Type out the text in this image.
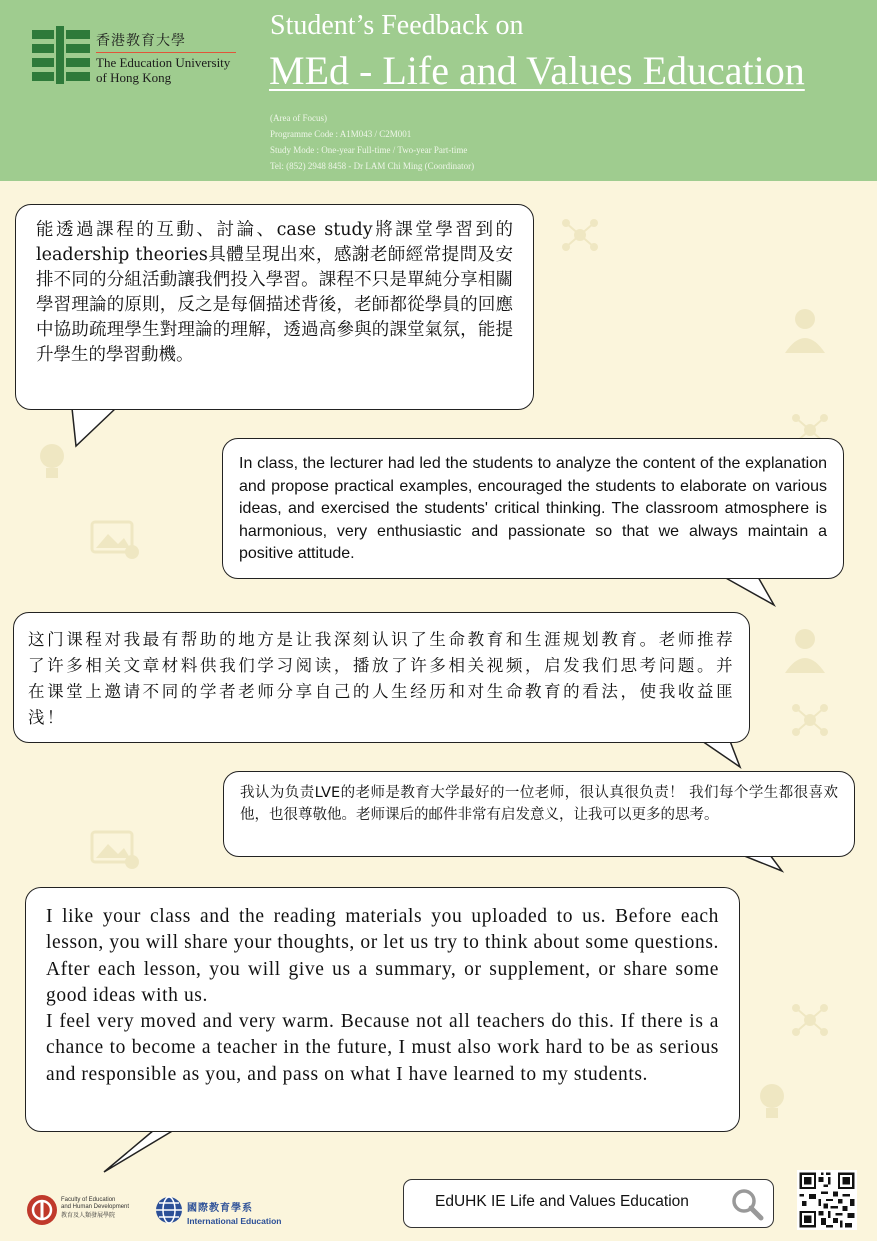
香港教育大學
The Education University
of Hong Kong
Student’s Feedback on
MEd - Life and Values Education
(Area of Focus)
Programme Code : A1M043 / C2M001
Study Mode : One-year Full-time / Two-year Part-time
Tel: (852) 2948 8458 - Dr LAM Chi Ming (Coordinator)
能透過課程的互動、討論、case study將課堂學習到的leadership theories具體呈現出來，感謝老師經常提問及安排不同的分組活動讓我們投入學習。課程不只是單純分享相關學習理論的原則，反之是每個描述背後，老師都從學員的回應中協助疏理學生對理論的理解，透過高參與的課堂氣氛，能提升學生的學習動機。
In class, the lecturer had led the students to analyze the content of the explanation and propose practical examples, encouraged the students to elaborate on various ideas, and exercised the students' critical thinking. The classroom atmosphere is harmonious, very enthusiastic and passionate so that we always maintain a positive attitude.
这门课程对我最有帮助的地方是让我深刻认识了生命教育和生涯规划教育。老师推荐了许多相关文章材料供我们学习阅读，播放了许多相关视频，启发我们思考问题。并在课堂上邀请不同的学者老师分享自己的人生经历和对生命教育的看法，使我收益匪浅！
我认为负责LVE的老师是教育大学最好的一位老师，很认真很负责！ 我们每个学生都很喜欢他，也很尊敬他。老师课后的邮件非常有启发意义，让我可以更多的思考。
I like your class and the reading materials you uploaded to us. Before each lesson, you will share your thoughts, or let us try to think about some questions. After each lesson, you will give us a summary, or supplement, or share some good ideas with us.
I feel very moved and very warm. Because not all teachers do this. If there is a chance to become a teacher in the future, I must also work hard to be as serious and responsible as you, and pass on what I have learned to my students.
Faculty of Education
and Human Development
教育及人類發展學院
國際教育學系
International Education
EdUHK IE Life and Values Education
